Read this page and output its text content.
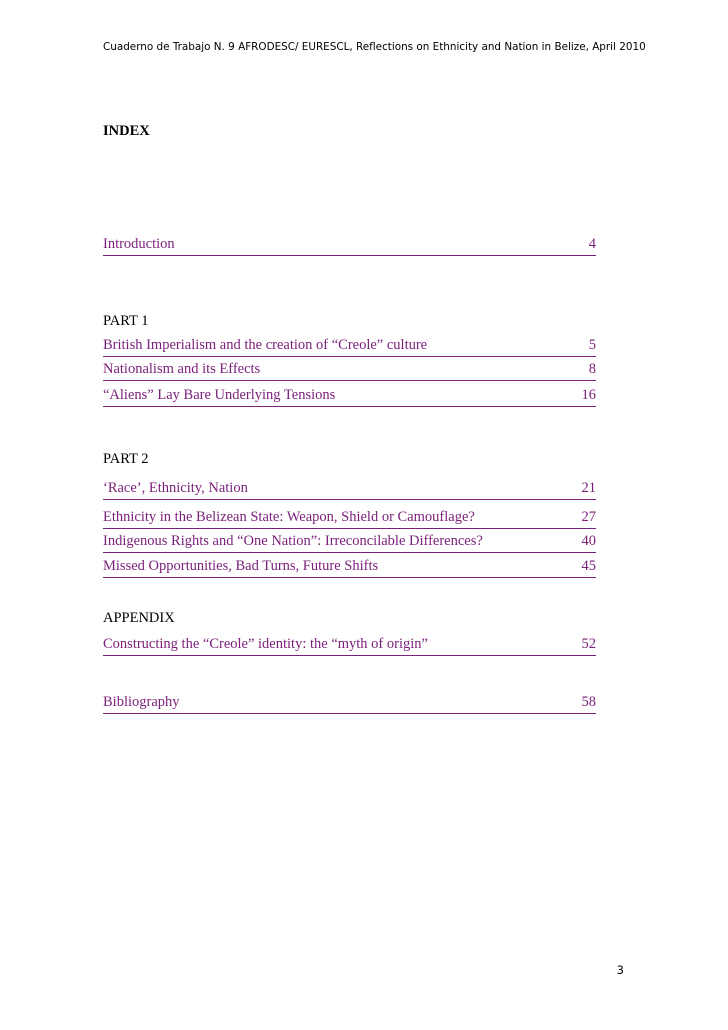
Cuaderno de Trabajo N. 9 AFRODESC/ EURESCL, Reflections on Ethnicity and Nation in Belize, April 2010
INDEX
Introduction	4
PART 1
British Imperialism and the creation of “Creole” culture	5
Nationalism and its Effects	8
“Aliens” Lay Bare Underlying Tensions	16
PART 2
‘Race’, Ethnicity, Nation	21
Ethnicity in the Belizean State: Weapon, Shield or Camouflage?	27
Indigenous Rights and “One Nation”: Irreconcilable Differences?	40
Missed Opportunities, Bad Turns, Future Shifts	45
APPENDIX
Constructing the “Creole” identity: the “myth of origin”	52
Bibliography	58
3
